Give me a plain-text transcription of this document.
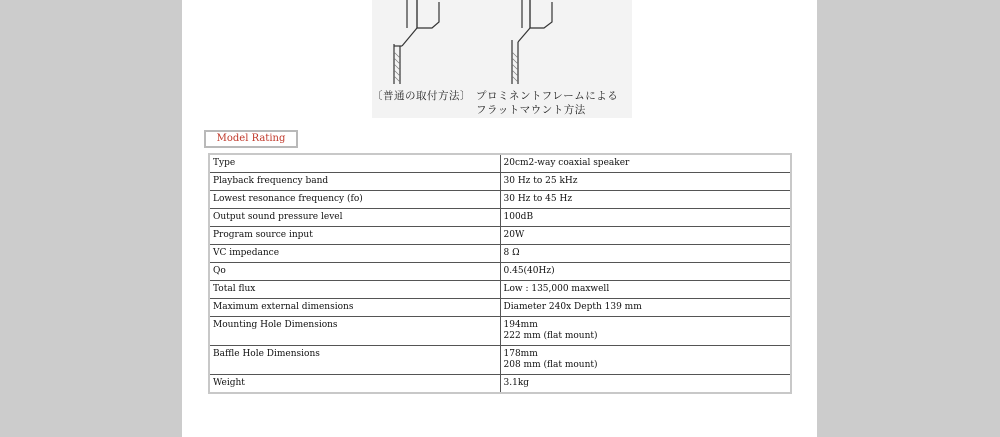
〔普通の取付方法〕 プロミネントフレームによる
フラットマウント方法
Model Rating
Type	20cm2-way coaxial speaker

Playback frequency band	30 Hz to 25 kHz

Lowest resonance frequency (fo)	30 Hz to 45 Hz

Output sound pressure level	100dB

Program source input	20W

VC impedance	8 Ω

Qo	0.45(40Hz)

Total flux	Low : 135,000 maxwell

Maximum external dimensions	Diameter 240x Depth 139 mm

Mounting Hole Dimensions	194mm
222 mm (flat mount)

Baffle Hole Dimensions	178mm
208 mm (flat mount)

Weight	3.1kg
